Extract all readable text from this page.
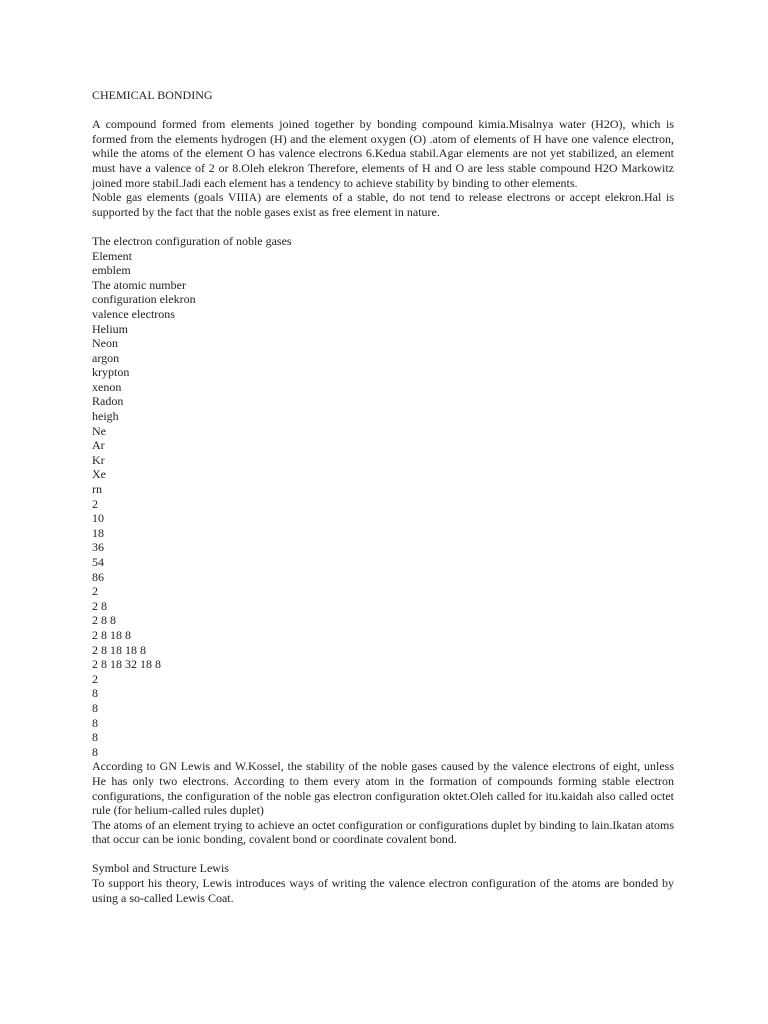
CHEMICAL BONDING

A compound formed from elements joined together by bonding compound kimia.Misalnya water (H2O), which is formed from the elements hydrogen (H) and the element oxygen (O) .atom of elements of H have one valence electron, while the atoms of the element O has valence electrons 6.Kedua stabil.Agar elements are not yet stabilized, an element must have a valence of 2 or 8.Oleh elekron Therefore, elements of H and O are less stable compound H2O Markowitz joined more stabil.Jadi each element has a tendency to achieve stability by binding to other elements.

Noble gas elements (goals VIIIA) are elements of a stable, do not tend to release electrons or accept elekron.Hal is supported by the fact that the noble gases exist as free element in nature.

The electron configuration of noble gases
Element
emblem
The atomic number
configuration elekron
valence electrons
Helium
Neon
argon
krypton
xenon
Radon
heigh
Ne
Ar
Kr
Xe
rn
2
10
18
36
54
86
2
2 8
2 8 8
2 8 18 8
2 8 18 18 8
2 8 18 32 18 8
2
8
8
8
8
8

According to GN Lewis and W.Kossel, the stability of the noble gases caused by the valence electrons of eight, unless He has only two electrons. According to them every atom in the formation of compounds forming stable electron configurations, the configuration of the noble gas electron configuration oktet.Oleh called for itu.kaidah also called octet rule (for helium-called rules duplet)

The atoms of an element trying to achieve an octet configuration or configurations duplet by binding to lain.Ikatan atoms that occur can be ionic bonding, covalent bond or coordinate covalent bond.

Symbol and Structure Lewis

To support his theory, Lewis introduces ways of writing the valence electron configuration of the atoms are bonded by using a so-called Lewis Coat.
